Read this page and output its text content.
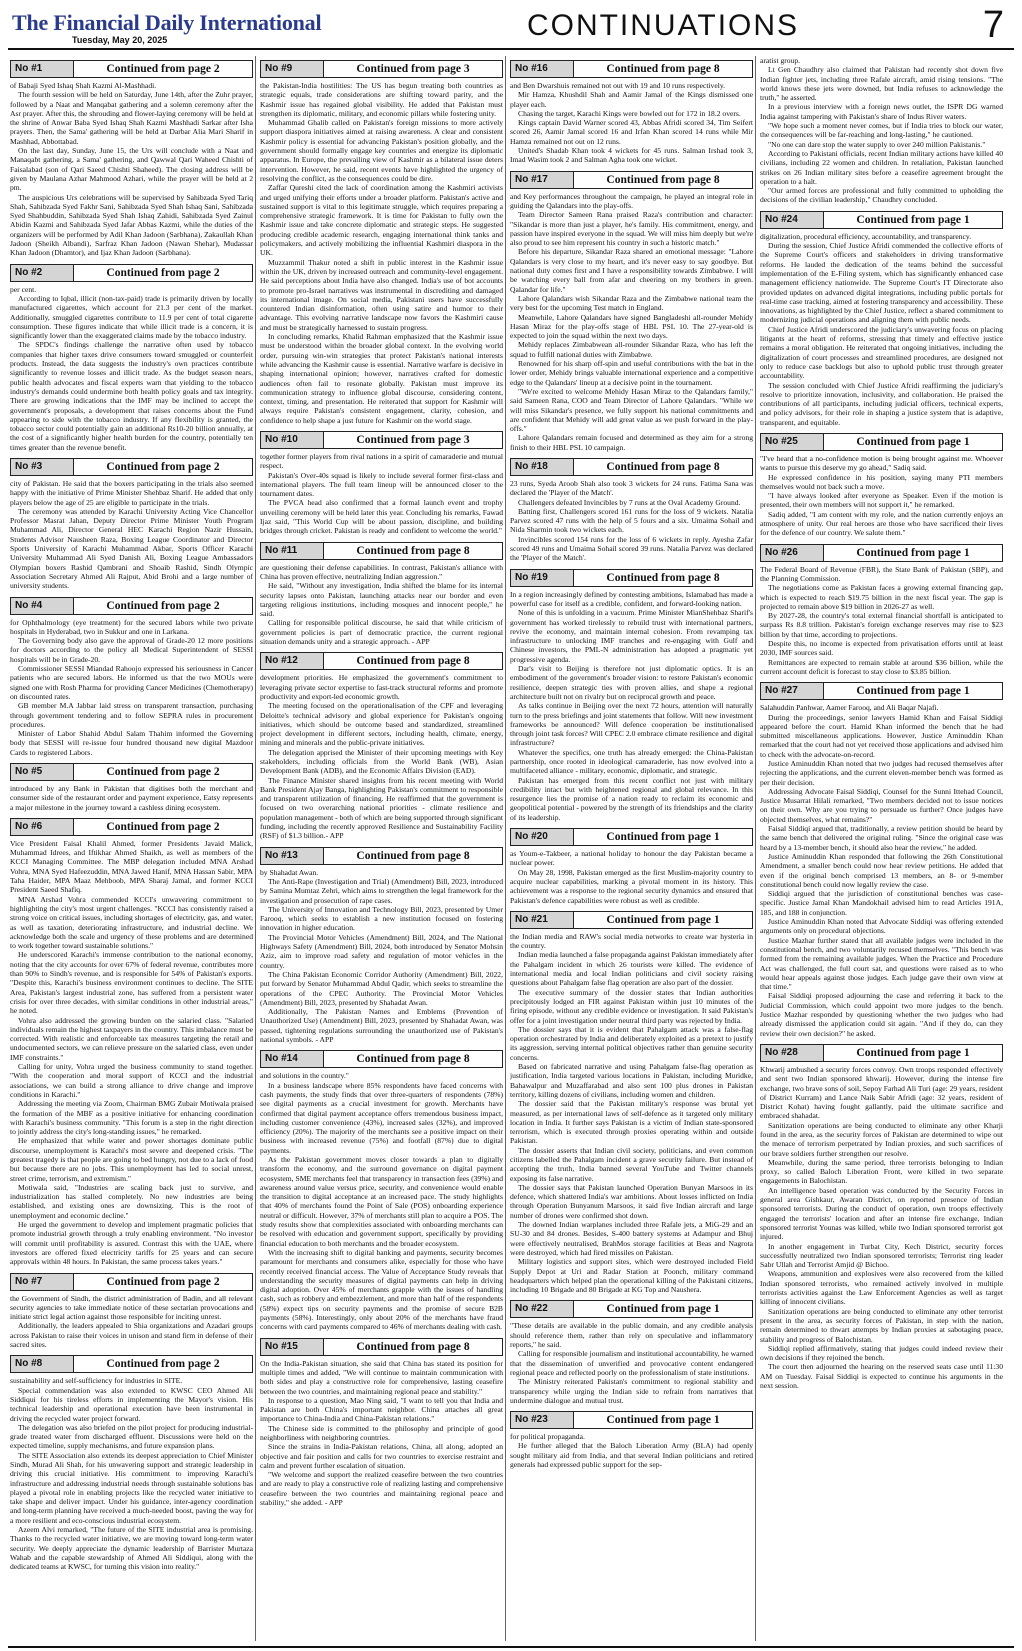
The Financial Daily International
Tuesday, May 20, 2025	CONTINUATIONS	7
No #1	Continued from page 2

of Babaji Syed Ishaq Shah Kazmi Al-Mashhadi.

The fourth session will be held on Saturday, June 14th, after the Zuhr prayer, followed by a Naat and Manqabat gathering and a solemn ceremony after the Asr prayer. After this, the shrouding and flower-laying ceremony will be held at the shrine of Anwar Baba Syed Ishaq Shah Kazmi Mashhadi Sarkar after Isha prayers. Then, the Sama' gathering will be held at Darbar Alia Mari Sharif in Mashhad, Abbottabad.

On the last day, Sunday, June 15, the Urs will conclude with a Naat and Manaqabt gathering, a Sama' gathering, and Qawwal Qari Waheed Chishti of Faisalabad (son of Qari Saeed Chishti Shaheed). The closing address will be given by Maulana Azhar Mahmood Azhari, while the prayer will be held at 2 pm.

The auspicious Urs celebrations will be supervised by Sahibzada Syed Tariq Shah, Sahibzada Syed Fakhr Sani, Sahibzada Syed Shah Ishaq Sani, Sahibzada Syed Shahbuddin, Sahibzada Syed Shah Ishaq Zahidi, Sahibzada Syed Zainul Abidin Kazmi and Sahibzada Syed Jafar Abbas Kazmi, while the duties of the organizers will be performed by Adil Khan Jadoon (Sarbhana), Zakaullah Khan Jadoon (Sheikh Albandi), Sarfraz Khan Jadoon (Nawan Shehar), Mudassar Khan Jadoon (Dhamtor), and Ijaz Khan Jadoon (Sarbhana).

No #2	Continued from page 2

per cent.

According to Iqbal, illicit (non-tax-paid) trade is primarily driven by locally manufactured cigarettes, which account for 21.3 per cent of the market. Additionally, smuggled cigarettes contribute to 11.9 per cent of total cigarette consumption. These figures indicate that while illicit trade is a concern, it is significantly lower than the exaggerated claims made by the tobacco industry.

The SPDC's findings challenge the narrative often used by tobacco companies that higher taxes drive consumers toward smuggled or counterfeit products. Instead, the data suggests the industry's own practices contribute significantly to revenue losses and illicit trade. As the budget season nears, public health advocates and fiscal experts warn that yielding to the tobacco industry's demands could undermine both health policy goals and tax integrity. There are growing indications that the IMF may be inclined to accept the government's proposals, a development that raises concerns about the Fund appearing to side with the tobacco industry. If any flexibility is granted, the tobacco sector could potentially gain an additional Rs10-20 billion annually, at the cost of a significantly higher health burden for the country, potentially ten times greater than the revenue benefit.

No #3	Continued from page 2

city of Pakistan. He said that the boxers participating in the trials also seemed happy with the initiative of Prime Minister Shehbaz Sharif. He added that only players below the age of 25 are eligible to participate in the trials.

The ceremony was attended by Karachi University Acting Vice Chancellor Professor Masrat Jahan, Deputy Director Prime Minister Youth Program Muhammad Ali, Director General HEC Karachi Region Nazir Hussain, Students Advisor Nausheen Raza, Boxing League Coordinator and Director Sports University of Karachi Muhammad Akbar, Sports Officer Karachi University Muhammad Ali Syed Danish Ali, Boxing League Ambassadors Olympian boxers Rashid Qambrani and Shoaib Rashid, Sindh Olympic Association Secretary Ahmed Ali Rajput, Abid Brohi and a large number of university students.

No #4	Continued from page 2

for Ophthalmology (eye treatment) for the secured labors while two private hospitals in Hyderabad, two in Sukkur and one in Larkana.

The Governing body also gave the approval of Grade-20 12 more positions for doctors according to the policy all Medical Superintendent of SESSI hospitals will be in Grade-20.

Commissioner SESSI Miandad Rahoojo expressed his seriousness in Cancer patients who are secured labors. He informed us that the two MOUs were signed one with Rosh Pharma for providing Cancer Medicines (Chemotherapy) on discounted rates.

GB member M.A Jabbar laid stress on transparent transaction, purchasing through government tendering and to follow SEPRA rules in procurement procedures.

Minister of Labor Shahid Abdul Salam Thahim informed the Governing body that SESSI will re-issue four hundred thousand new digital Mazdoor Cards to registered Labors.

No #5	Continued from page 2

introduced by any Bank in Pakistan that digitises both the merchant and consumer side of the restaurant order and payment experience, Eatsy represents a major milestone in the journey toward a cashless dining ecosystem.

No #6	Continued from page 2

Vice President Faisal Khalil Ahmed, former Presidents Javaid Malick, Muhammad Idrees, and Iftikhar Ahmed Shaikh, as well as members of the KCCI Managing Committee. The MBP delegation included MNA Arshad Vohra, MNA Syed Hafeezuddin, MNA Jawed Hanif, MNA Hassan Sabir, MPA Taha Haider, MPA Maaz Mehboob, MPA Sharaj Jamal, and former KCCI President Saeed Shafiq.

MNA Arshad Vohra commended KCCI's unwavering commitment to highlighting the city's most urgent challenges. "KCCI has consistently raised a strong voice on critical issues, including shortages of electricity, gas, and water, as well as taxation, deteriorating infrastructure, and industrial decline. We acknowledge both the scale and urgency of these problems and are determined to work together toward sustainable solutions."

He underscored Karachi's immense contribution to the national economy, noting that the city accounts for over 67% of federal revenue, contributes more than 90% to Sindh's revenue, and is responsible for 54% of Pakistan's exports. "Despite this, Karachi's business environment continues to decline. The SITE Area, Pakistan's largest industrial zone, has suffered from a persistent water crisis for over three decades, with similar conditions in other industrial areas," he noted.

Vohra also addressed the growing burden on the salaried class. "Salaried individuals remain the highest taxpayers in the country. This imbalance must be corrected. With realistic and enforceable tax measures targeting the retail and undocumented sectors, we can relieve pressure on the salaried class, even under IMF constraints."

Calling for unity, Vohra urged the business community to stand together. "With the cooperation and moral support of KCCI and the industrial associations, we can build a strong alliance to drive change and improve conditions in Karachi."

Addressing the meeting via Zoom, Chairman BMG Zubair Motiwala praised the formation of the MBF as a positive initiative for enhancing coordination with Karachi's business community. "This forum is a step in the right direction to jointly address the city's long-standing issues," he remarked.

He emphasized that while water and power shortages dominate public discourse, unemployment is Karachi's most severe and deepened crisis. "The greatest tragedy is that people are going to bed hungry, not due to a lack of food but because there are no jobs. This unemployment has led to social unrest, street crime, terrorism, and extremism."

Motiwala said, "Industries are scaling back just to survive, and industrialization has stalled completely. No new industries are being established, and existing ones are downsizing. This is the root of unemployment and economic decline."

He urged the government to develop and implement pragmatic policies that promote industrial growth through a truly enabling environment. "No investor will commit until profitability is assured. Contrast this with the UAE, where investors are offered fixed electricity tariffs for 25 years and can secure approvals within 48 hours. In Pakistan, the same process takes years."

No #7	Continued from page 2

the Government of Sindh, the district administration of Badin, and all relevant security agencies to take immediate notice of these sectarian provocations and initiate strict legal action against those responsible for inciting unrest.

Additionally, the leaders appealed to Shia organizations and Azadari groups across Pakistan to raise their voices in unison and stand firm in defense of their sacred sites.

No #8	Continued from page 2

sustainability and self-sufficiency for industries in SITE.

Special commendation was also extended to KWSC CEO Ahmed Ali Siddiqui for his tireless efforts in implementing the Mayor's vision. His technical leadership and operational execution have been instrumental in driving the recycled water project forward.

The delegation was also briefed on the pilot project for producing industrial-grade treated water from discharged effluent. Discussions were held on the expected timeline, supply mechanisms, and future expansion plans.

The SITE Association also extends its deepest appreciation to Chief Minister Sindh, Murad Ali Shah, for his unwavering support and strategic leadership in driving this crucial initiative. His commitment to improving Karachi's infrastructure and addressing industrial needs through sustainable solutions has played a pivotal role in enabling projects like the recycled water initiative to take shape and deliver impact. Under his guidance, inter-agency coordination and long-term planning have received a much-needed boost, paving the way for a more resilient and eco-conscious industrial ecosystem.

Azeem Alvi remarked, "The future of the SITE industrial area is promising. Thanks to the recycled water initiative, we are moving toward long-term water security. We deeply appreciate the dynamic leadership of Barrister Murtaza Wahab and the capable stewardship of Ahmed Ali Siddiqui, along with the dedicated teams at KWSC, for turning this vision into reality."

No #9	Continued from page 3

the Pakistan-India hostilities: The US has begun treating both countries as strategic equals, trade considerations are shifting toward parity, and the Kashmir issue has regained global visibility. He added that Pakistan must strengthen its diplomatic, military, and economic pillars while fostering unity.

Muhammad Ghalib called on Pakistan's foreign missions to more actively support diaspora initiatives aimed at raising awareness. A clear and consistent Kashmir policy is essential for advancing Pakistan's position globally, and the government should formally engage key countries and energize its diplomatic apparatus. In Europe, the prevailing view of Kashmir as a bilateral issue deters intervention. However, he said, recent events have highlighted the urgency of resolving the conflict, as the consequences could be dire.

Zaffar Qureshi cited the lack of coordination among the Kashmiri activists and urged unifying their efforts under a broader platform. Pakistan's active and sustained support is vital to this legitimate struggle, which requires preparing a comprehensive strategic framework. It is time for Pakistan to fully own the Kashmir issue and take concrete diplomatic and strategic steps. He suggested producing credible academic research, engaging international think tanks and policymakers, and actively mobilizing the influential Kashmiri diaspora in the UK.

Muzzammil Thakur noted a shift in public interest in the Kashmir issue within the UK, driven by increased outreach and community-level engagement. He said perceptions about India have also changed. India's use of bot accounts to promote pro-Israel narratives was instrumental in discrediting and damaged its international image. On social media, Pakistani users have successfully countered Indian disinformation, often using satire and humor to their advantage. This evolving narrative landscape now favors the Kashmiri cause and must be strategically harnessed to sustain progress.

In concluding remarks, Khalid Rahman emphasized that the Kashmir issue must be understood within the broader global context. In the evolving world order, pursuing win-win strategies that protect Pakistan's national interests while advancing the Kashmir cause is essential. Narrative warfare is decisive in shaping international opinion; however, narratives crafted for domestic audiences often fail to resonate globally. Pakistan must improve its communication strategy to influence global discourse, considering content, context, timing, and presentation. He reiterated that support for Kashmir will always require Pakistan's consistent engagement, clarity, cohesion, and confidence to help shape a just future for Kashmir on the world stage.

No #10	Continued from page 3

together former players from rival nations in a spirit of camaraderie and mutual respect.

Pakistan's Over-40s squad is likely to include several former first-class and international players. The full team lineup will be announced closer to the tournament dates.

The PVCA head also confirmed that a formal launch event and trophy unveiling ceremony will be held later this year. Concluding his remarks, Fawad Ijaz said, "This World Cup will be about passion, discipline, and building bridges through cricket. Pakistan is ready and confident to welcome the world."

No #11	Continued from page 8

are questioning their defense capabilities. In contrast, Pakistan's alliance with China has proven effective, neutralizing Indian aggression."

He said, "Without any investigation, India shifted the blame for its internal security lapses onto Pakistan, launching attacks near our border and even targeting religious institutions, including mosques and innocent people," he said.

Calling for responsible political discourse, he said that while criticism of government policies is part of democratic practice, the current regional situation demands unity and a strategic approach. - APP

No #12	Continued from page 8

development priorities. He emphasized the government's commitment to leveraging private sector expertise to fast-track structural reforms and promote productivity and export-led economic growth.

The meeting focused on the operationalisation of the CPF and leveraging Deloitte's technical advisory and global experience for Pakistan's ongoing initiatives, which should be outcome based and standardized, streamlined project development in different sectors, including health, climate, energy, mining and minerals and the public-private initiatives.

The delegation apprised the Minister of their upcoming meetings with Key stakeholders, including officials from the World Bank (WB), Asian Development Bank (ADB), and the Economic Affairs Division (EAD).

The Finance Minister shared insights from his recent meeting with World Bank President Ajay Banga, highlighting Pakistan's commitment to responsible and transparent utilization of financing. He reaffirmed that the government is focused on two overarching national priorities - climate resilience and population management - both of which are being supported through significant funding, including the recently approved Resilience and Sustainability Facility (RSF) of $1.3 billion.- APP

No #13	Continued from page 8

by Shahadat Awan.

The Anti-Rape (Investigation and Trial) (Amendment) Bill, 2023, introduced by Samina Mumtaz Zehri, which aims to strengthen the legal framework for the investigation and prosecution of rape cases.

The University of Innovation and Technology Bill, 2023, presented by Umer Farooq, which seeks to establish a new institution focused on fostering innovation in higher education.

The Provincial Motor Vehicles (Amendment) Bill, 2024, and The National Highways Safety (Amendment) Bill, 2024, both introduced by Senator Mohsin Aziz, aim to improve road safety and regulation of motor vehicles in the country.

The China Pakistan Economic Corridor Authority (Amendment) Bill, 2022, put forward by Senator Muhammad Abdul Qadir, which seeks to streamline the operations of the CPEC Authority. The Provincial Motor Vehicles (Amendment) Bill, 2023, presented by Shahadat Awan.

Additionally, The Pakistan Names and Emblems (Prevention of Unauthorized Use) (Amendment) Bill, 2023, presented by Shahadat Awan, was passed, tightening regulations surrounding the unauthorized use of Pakistan's national symbols. - APP

No #14	Continued from page 8

and solutions in the country."

In a business landscape where 85% respondents have faced concerns with cash payments, the study finds that over three-quarters of respondents (78%) see digital payments as a crucial investment for growth. Merchants have confirmed that digital payment acceptance offers tremendous business impact, including customer convenience (43%), increased sales (32%), and improved efficiency (20%). The majority of the merchants see a positive impact on their business with increased revenue (75%) and footfall (87%) due to digital payments.

As the Pakistan government moves closer towards a plan to digitally transform the economy, and the surround governance on digital payment ecosystem, SME merchants feel that transparency in transaction fees (39%) and awareness around value versus price, security, and convenience would enable the transition to digital acceptance at an increased pace. The study highlights that 40% of merchants found the Point of Sale (POS) onboarding experience neutral or difficult. However, 37% of merchants still plan to acquire a POS. The study results show that complexities associated with onboarding merchants can be resolved with education and government support, specifically by providing financial education to both merchants and the broader ecosystem.

With the increasing shift to digital banking and payments, security becomes paramount for merchants and consumers alike, especially for those who have recently received financial access. The Value of Acceptance Study reveals that understanding the security measures of digital payments can help in driving digital adoption. Over 45% of merchants grapple with the issues of handling cash, such as robbery and embezzlement, and more than half of the respondents (58%) expect tips on security payments and the promise of secure B2B payments (58%). Interestingly, only about 20% of the merchants have fraud concerns with card payments compared to 46% of merchants dealing with cash.

No #15	Continued from page 8

On the India-Pakistan situation, she said that China has stated its position for multiple times and added, "We will continue to maintain communication with both sides and play a constructive role for comprehensive, lasting ceasefire between the two countries, and maintaining regional peace and stability."

In response to a question, Mao Ning said, "I want to tell you that India and Pakistan are both China's important neighbor. China attaches all great importance to China-India and China-Pakistan relations."

The Chinese side is committed to the philosophy and principle of good neighborliness with neighboring countries.

Since the strains in India-Pakistan relations, China, all along, adopted an objective and fair position and calls for two countries to exercise restraint and calm and prevent further escalation of situation.

"We welcome and support the realized ceasefire between the two countries and are ready to play a constructive role of realizing lasting and comprehensive ceasefire between the two countries and maintaining regional peace and stability," she added. - APP

No #16	Continued from page 8

and Ben Dwarshuis remained not out with 19 and 10 runs respectively.

Mir Hamza, Khushdil Shah and Aamir Jamal of the Kings dismissed one player each.

Chasing the target, Karachi Kings were bowled out for 172 in 18.2 overs.

Kings captain David Warner scored 43, Abbas Afridi scored 34, Tim Seifert scored 26, Aamir Jamal scored 16 and Irfan Khan scored 14 runs while Mir Hamza remained not out on 12 runs.

United's Shadab Khan took 4 wickets for 45 runs. Salman Irshad took 3, Imad Wasim took 2 and Salman Agha took one wicket.

No #17	Continued from page 8

and Key performances throughout the campaign, he played an integral role in guiding the Qalandars into the play-offs.

Team Director Sameen Rana praised Raza's contribution and character: "Sikandar is more than just a player, he's family. His commitment, energy, and passion have inspired everyone in the squad. We will miss him deeply but we're also proud to see him represent his country in such a historic match."

Before his departure, Sikandar Raza shared an emotional message: "Lahore Qalandars is very close to my heart, and it's never easy to say goodbye. But national duty comes first and I have a responsibility towards Zimbabwe. I will be watching every ball from afar and cheering on my brothers in green. Qalandar for life."

Lahore Qalandars wish Sikandar Raza and the Zimbabwe national team the very best for the upcoming Test match in England.

Meanwhile, Lahore Qalandars have signed Bangladeshi all-rounder Mehidy Hasan Miraz for the play-offs stage of HBL PSL 10. The 27-year-old is expected to join the squad within the next two days.

Mehidy replaces Zimbabwean all-rounder Sikandar Raza, who has left the squad to fulfill national duties with Zimbabwe.

Renowned for his sharp off-spin and useful contributions with the bat in the lower order, Mehidy brings valuable international experience and a competitive edge to the Qalandars' lineup at a decisive point in the tournament.

"We're excited to welcome Mehidy Hasan Miraz to the Qalandars family," said Sameen Rana, COO and Team Director of Lahore Qalandars. "While we will miss Sikandar's presence, we fully support his national commitments and are confident that Mehidy will add great value as we push forward in the play-offs."

Lahore Qalandars remain focused and determined as they aim for a strong finish to their HBL PSL 10 campaign.

No #18	Continued from page 8

23 runs, Syeda Aroob Shah also took 3 wickets for 24 runs. Fatima Sana was declared the 'Player of the Match'.

Challengers defeated Invincibles by 7 runs at the Oval Academy Ground.

Batting first, Challengers scored 161 runs for the loss of 9 wickets. Natalia Parvez scored 47 runs with the help of 5 fours and a six. Umaima Sohail and Nida Sharmin took two wickets each.

Invincibles scored 154 runs for the loss of 6 wickets in reply. Ayesha Zafar scored 49 runs and Umaima Sohail scored 39 runs. Natalia Parvez was declared the 'Player of the Match'.

No #19	Continued from page 8

In a region increasingly defined by contesting ambitions, Islamabad has made a powerful case for itself as a credible, confident, and forward-looking nation.

None of this is unfolding in a vacuum. Prime Minister MianShehbaz Sharif's government has worked tirelessly to rebuild trust with international partners, revive the economy, and maintain internal cohesion. From revamping tax infrastructure to unlocking IMF tranches and re-engaging with Gulf and Chinese investors, the PML-N administration has adopted a pragmatic yet progressive agenda.

Dar's visit to Beijing is therefore not just diplomatic optics. It is an embodiment of the government's broader vision: to restore Pakistan's economic resilience, deepen strategic ties with proven allies, and shape a regional architecture built not on rivalry but on reciprocal growth and peace.

As talks continue in Beijing over the next 72 hours, attention will naturally turn to the press briefings and joint statements that follow. Will new investment frameworks be announced? Will defence cooperation be institutionalised through joint task forces? Will CPEC 2.0 embrace climate resilience and digital infrastructure?

Whatever the specifics, one truth has already emerged: the China-Pakistan partnership, once rooted in ideological camaraderie, has now evolved into a multifaceted alliance - military, economic, diplomatic, and strategic.

Pakistan has emerged from this recent conflict not just with military credibility intact but with heightened regional and global relevance. In this resurgence lies the promise of a nation ready to reclaim its economic and geopolitical potential - powered by the strength of its friendships and the clarity of its leadership.

No #20	Continued from page 1

as Youm-e-Takbeer, a national holiday to honour the day Pakistan became a nuclear power.

On May 28, 1998, Pakistan emerged as the first Muslim-majority country to acquire nuclear capabilities, marking a pivotal moment in its history. This achievement was a response to the regional security dynamics and ensured that Pakistan's defence capabilities were robust as well as credible.

No #21	Continued from page 1

the Indian media and RAW's social media networks to create war hysteria in the country.

Indian media launched a false propaganda against Pakistan immediately after the Pahalgam incident in which 26 tourists were killed. The evidence of international media and local Indian politicians and civil society raising questions about Pahalgam false flag operation are also part of the dossier.

The executive summary of the dossier states that Indian authorities precipitously lodged an FIR against Pakistan within just 10 minutes of the firing episode, without any credible evidence or investigation. It said Pakistan's offer for a joint investigation under neutral third party was rejected by India.

The dossier says that it is evident that Pahalgam attack was a false-flag operation orchestrated by India and deliberately exploited as a pretext to justify its aggression, serving internal political objectives rather than genuine security concerns.

Based on fabricated narrative and using Pahalgam false-flag operation as justification, India targeted various locations in Pakistan, including Muridke, Bahawalpur and Muzaffarabad and also sent 100 plus drones in Pakistan territory, killing dozens of civilians, including women and children.

The dossier said that the Pakistan military's response was brutal yet measured, as per international laws of self-defence as it targeted only military location in India. It further says Pakistan is a victim of Indian state-sponsored terrorism, which is executed through proxies operating within and outside Pakistan.

The dossier asserts that Indian civil society, politicians, and even common citizens labelled the Pahalgam incident a grave security failure. But instead of accepting the truth, India banned several YouTube and Twitter channels exposing its false narrative.

The dossier says that Pakistan launched Operation Bunyan Marsoos in its defence, which shattered India's war ambitions. About losses inflicted on India through Operation Bunyanum Marsoos, it said five Indian aircraft and large number of drones were confirmed shot down.

The downed Indian warplanes included three Rafale jets, a MiG-29 and an SU-30 and 84 drones. Besides, S-400 battery systems at Adampur and Bhuj were effectively neutralised, BrahMos storage facilities at Beas and Nagrota were destroyed, which had fired missiles on Pakistan.

Military logistics and support sites, which were destroyed included Field Supply Depot at Uri and Radar Station at Poonch, military command headquarters which helped plan the operational killing of the Pakistani citizens, including 10 Brigade and 80 Brigade at KG Top and Naushera.

No #22	Continued from page 1

"These details are available in the public domain, and any credible analysis should reference them, rather than rely on speculative and inflammatory reports," he said.

Calling for responsible journalism and institutional accountability, he warned that the dissemination of unverified and provocative content endangered regional peace and reflected poorly on the professionalism of state institutions.

The Ministry reiterated Pakistan's commitment to regional stability and transparency while urging the Indian side to refrain from narratives that undermine dialogue and mutual trust.

No #23	Continued from page 1

for political propaganda.

He further alleged that the Baloch Liberation Army (BLA) had openly sought military aid from India, and that several Indian politicians and retired generals had expressed public support for the sep-

aratist group.

Lt Gen Chaudhry also claimed that Pakistan had recently shot down five Indian fighter jets, including three Rafale aircraft, amid rising tensions. "The world knows these jets were downed, but India refuses to acknowledge the truth," he asserted.

In a previous interview with a foreign news outlet, the ISPR DG warned India against tampering with Pakistan's share of Indus River waters.

"We hope such a moment never comes, but if India tries to block our water, the consequences will be far-reaching and long-lasting," he cautioned.

"No one can dare stop the water supply to over 240 million Pakistanis."

According to Pakistani officials, recent Indian military actions have killed 40 civilians, including 22 women and children. In retaliation, Pakistan launched strikes on 26 Indian military sites before a ceasefire agreement brought the operation to a halt.

"Our armed forces are professional and fully committed to upholding the decisions of the civilian leadership," Chaudhry concluded.

No #24	Continued from page 1

digitalization, procedural efficiency, accountability, and transparency.

During the session, Chief Justice Afridi commended the collective efforts of the Supreme Court's officers and stakeholders in driving transformative reforms. He lauded the dedication of the teams behind the successful implementation of the E-Filing system, which has significantly enhanced case management efficiency nationwide. The Supreme Court's IT Directorate also provided updates on advanced digital integrations, including public portals for real-time case tracking, aimed at fostering transparency and accessibility. These innovations, as highlighted by the Chief Justice, reflect a shared commitment to modernizing judicial operations and aligning them with public needs.

Chief Justice Afridi underscored the judiciary's unwavering focus on placing litigants at the heart of reforms, stressing that timely and effective justice remains a moral obligation. He reiterated that ongoing initiatives, including the digitalization of court processes and streamlined procedures, are designed not only to reduce case backlogs but also to uphold public trust through greater accountability.

The session concluded with Chief Justice Afridi reaffirming the judiciary's resolve to prioritize innovation, inclusivity, and collaboration. He praised the contributions of all participants, including judicial officers, technical experts, and policy advisors, for their role in shaping a justice system that is adaptive, transparent, and equitable.

No #25	Continued from page 1

"I've heard that a no-confidence motion is being brought against me. Whoever wants to pursue this deserve my go ahead," Sadiq said.

He expressed confidence in his position, saying many PTI members themselves would not back such a move.

"I have always looked after everyone as Speaker. Even if the motion is presented, their own members will not support it," he remarked.

Sadiq added, "I am content with my role, and the nation currently enjoys an atmosphere of unity. Our real heroes are those who have sacrificed their lives for the defence of our country. We salute them."

No #26	Continued from page 1

The Federal Board of Revenue (FBR), the State Bank of Pakistan (SBP), and the Planning Commission.

The negotiations come as Pakistan faces a growing external financing gap, which is expected to reach $19.75 billion in the next fiscal year. The gap is projected to remain above $19 billion in 2026-27 as well.

By 2027-28, the country's total external financial shortfall is anticipated to surpass Rs 8.8 trillion. Pakistan's foreign exchange reserves may rise to $23 billion by that time, according to projections.

Despite this, no income is expected from privatisation efforts until at least 2030, IMF sources said.

Remittances are expected to remain stable at around $36 billion, while the current account deficit is forecast to stay close to $3.85 billion.

No #27	Continued from page 1

Salahuddin Panhwar, Aamer Farooq, and Ali Baqar Najafi.

During the proceedings, senior lawyers Hamid Khan and Faisal Siddiqi appeared before the court. Hamid Khan informed the bench that he had submitted miscellaneous applications. However, Justice Aminuddin Khan remarked that the court had not yet received those applications and advised him to check with the advocate-on-record.

Justice Aminuddin Khan noted that two judges had recused themselves after rejecting the applications, and the current eleven-member bench was formed as per their decision.

Addressing Advocate Faisal Siddiqi, Counsel for the Sunni Ittehad Council, Justice Musarrat Hilali remarked, "Two members decided not to issue notices on their own. Why are you trying to persuade us further? Once judges have objected themselves, what remains?"

Faisal Siddiqi argued that, traditionally, a review petition should be heard by the same bench that delivered the original ruling. "Since the original case was heard by a 13-member bench, it should also hear the review," he added.

Justice Aminuddin Khan responded that following the 26th Constitutional Amendment, a smaller bench could now hear review petitions. He added that even if the original bench comprised 13 members, an 8- or 9-member constitutional bench could now legally review the case.

Siddiqi argued that the jurisdiction of constitutional benches was case-specific. Justice Jamal Khan Mandokhail advised him to read Articles 191A, 185, and 188 in conjunction.

Justice Aminuddin Khan noted that Advocate Siddiqi was offering extended arguments only on procedural objections.

Justice Mazhar further stated that all available judges were included in the constitutional bench, and two voluntarily recused themselves. "This bench was formed from the remaining available judges. When the Practice and Procedure Act was challenged, the full court sat, and questions were raised as to who would hear appeals against those judges. Each judge gave their own view at that time."

Faisal Siddiqi proposed adjourning the case and referring it back to the Judicial Commission, which could appoint two more judges to the bench. Justice Mazhar responded by questioning whether the two judges who had already dismissed the application could sit again. "And if they do, can they review their own decision?" he asked.

No #28	Continued from page 1

Khwarij ambushed a security forces convoy. Own troops responded effectively and sent two Indian sponsored khwarij. However, during the intense fire exchange, two brave sons of soil, Sepoy Farhad Ali Turi (age: 29 years, resident of District Kurram) and Lance Naik Sabir Afridi (age: 32 years, resident of District Kohat) having fought gallantly, paid the ultimate sacrifice and embraced shahadat.

Sanitization operations are being conducted to eliminate any other Kharji found in the area, as the security forces of Pakistan are determined to wipe out the menace of terrorism perpetrated by Indian proxies, and such sacrifices of our brave soldiers further strengthen our resolve.

Meanwhile, during the same period, three terrorists belonging to Indian proxy, so called Baloch Liberation Front, were killed in two separate engagements in Balochistan.

An intelligence based operation was conducted by the Security Forces in general area Gishkaur, Awaran District, on reported presence of Indian sponsored terrorists. During the conduct of operation, own troops effectively engaged the terrorists' location and after an intense fire exchange, Indian sponsored terrorist Younas was killed, while two Indian sponsored terrorist got injured.

In another engagement in Turbat City, Kech District, security forces successfully neutralized two Indian sponsored terrorists; Terrorist ring leader Sabr Ullah and Terrorist Amjid @ Bichoo.

Weapons, ammunition and explosives were also recovered from the killed Indian sponsored terrorists, who remained actively involved in multiple terrorists activities against the Law Enforcement Agencies as well as target killing of innocent civilians.

Sanitization operations are being conducted to eliminate any other terrorist present in the area, as security forces of Pakistan, in step with the nation, remain determined to thwart attempts by Indian proxies at sabotaging peace, stability and progress of Balochistan.

Siddiqi replied affirmatively, stating that judges could indeed review their own decisions if they rejoined the bench.

The court then adjourned the hearing on the reserved seats case until 11:30 AM on Tuesday. Faisal Siddiqi is expected to continue his arguments in the next session.
